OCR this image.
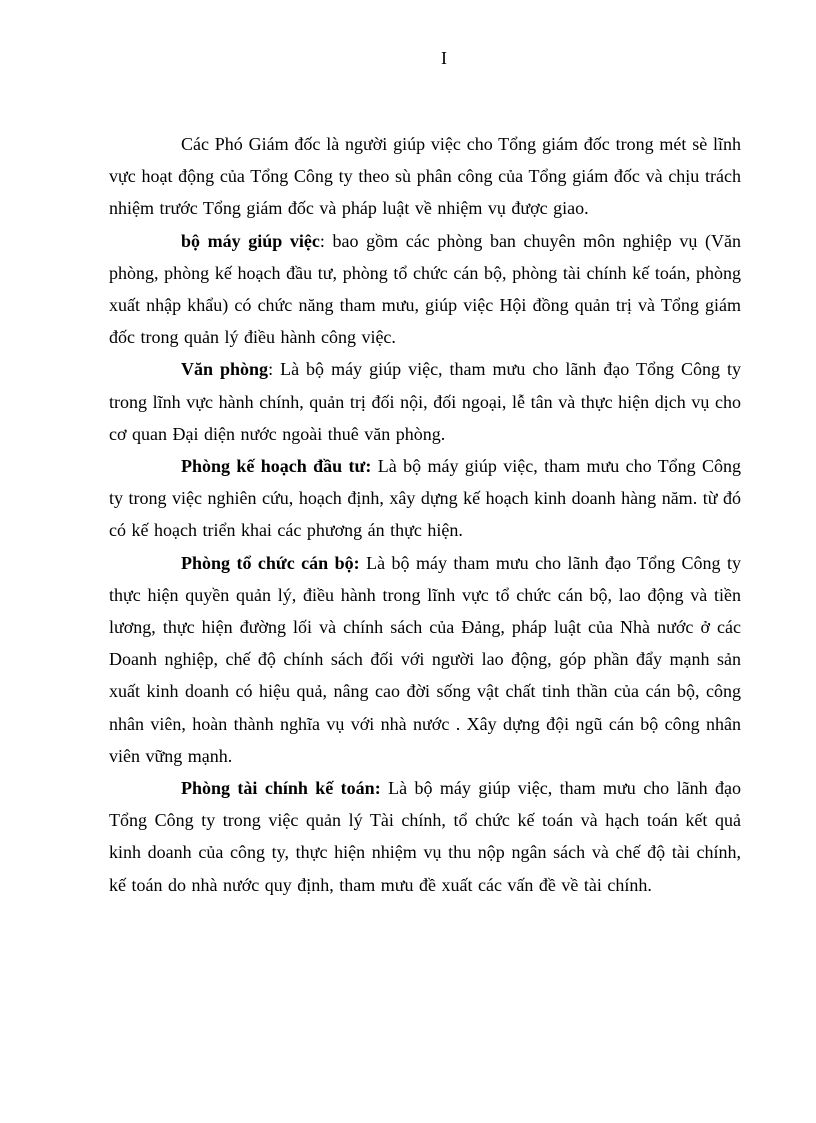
I

Các Phó Giám đốc là người giúp việc cho Tổng giám đốc trong mét sè lĩnh vực hoạt động của Tổng Công ty theo sù phân công của Tổng giám đốc và chịu trách nhiệm trước Tổng giám đốc và pháp luật về nhiệm vụ được giao.

bộ máy giúp việc: bao gồm các phòng ban chuyên môn nghiệp vụ (Văn phòng, phòng kế hoạch đầu tư, phòng tổ chức cán bộ, phòng tài chính kế toán, phòng xuất nhập khẩu) có chức năng tham mưu, giúp việc Hội đồng quản trị và Tổng giám đốc trong quản lý điều hành công việc.

Văn phòng: Là bộ máy giúp việc, tham mưu cho lãnh đạo Tổng Công ty trong lĩnh vực hành chính, quản trị đối nội, đối ngoại, lễ tân và thực hiện dịch vụ cho cơ quan Đại diện nước ngoài thuê văn phòng.

Phòng kế hoạch đầu tư: Là bộ máy giúp việc, tham mưu cho Tổng Công ty trong việc nghiên cứu, hoạch định, xây dựng kế hoạch kinh doanh hàng năm. từ đó có kế hoạch triển khai các phương án thực hiện.

Phòng tổ chức cán bộ: Là bộ máy tham mưu cho lãnh đạo Tổng Công ty thực hiện quyền quản lý, điều hành trong lĩnh vực tổ chức cán bộ, lao động và tiền lương, thực hiện đường lối và chính sách của Đảng, pháp luật của Nhà nước ở các Doanh nghiệp, chế độ chính sách đối với người lao động, góp phần đẩy mạnh sản xuất kinh doanh có hiệu quả, nâng cao đời sống vật chất tinh thần của cán bộ, công nhân viên, hoàn thành nghĩa vụ với nhà nước . Xây dựng đội ngũ cán bộ công nhân viên vững mạnh.

Phòng tài chính kế toán: Là bộ máy giúp việc, tham mưu cho lãnh đạo Tổng Công ty trong việc quản lý Tài chính, tổ chức kế toán và hạch toán kết quả kinh doanh của công ty, thực hiện nhiệm vụ thu nộp ngân sách và chế độ tài chính, kế toán do nhà nước quy định, tham mưu đề xuất các vấn đề về tài chính.
